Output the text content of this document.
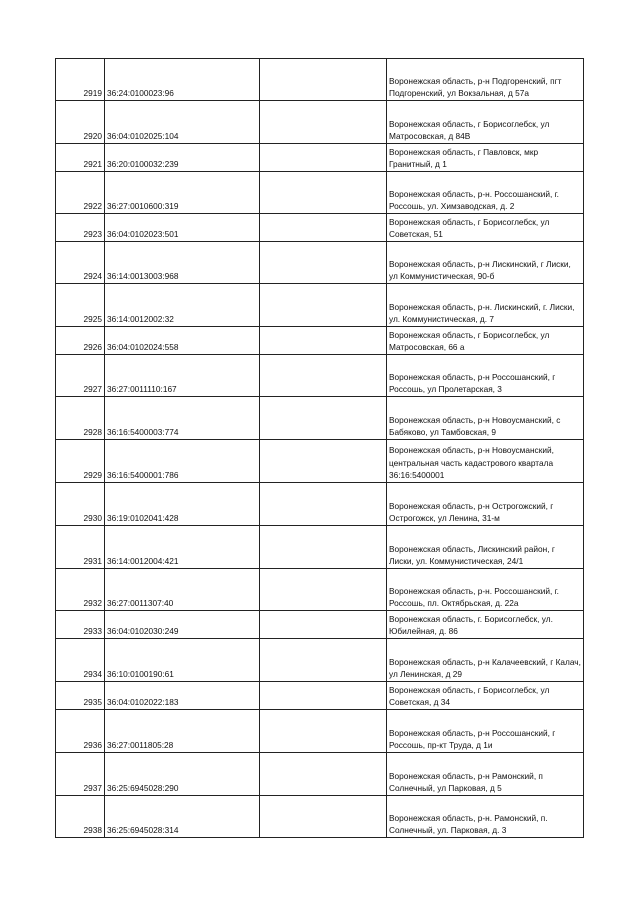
2919	36:24:0100023:96		Воронежская область, р-н Подгоренский, пгт Подгоренский, ул Вокзальная, д 57а
2920	36:04:0102025:104		Воронежская область, г Борисоглебск, ул Матросовская, д 84В
2921	36:20:0100032:239		Воронежская область, г Павловск, мкр Гранитный, д 1
2922	36:27:0010600:319		Воронежская область, р-н. Россошанский, г. Россошь, ул. Химзаводская, д. 2
2923	36:04:0102023:501		Воронежская область, г Борисоглебск, ул Советская, 51
2924	36:14:0013003:968		Воронежская область, р-н Лискинский, г Лиски, ул Коммунистическая, 90-б
2925	36:14:0012002:32		Воронежская область, р-н. Лискинский, г. Лиски, ул. Коммунистическая, д. 7
2926	36:04:0102024:558		Воронежская область, г Борисоглебск, ул Матросовская, 66 а
2927	36:27:0011110:167		Воронежская область, р-н Россошанский, г Россошь, ул Пролетарская, 3
2928	36:16:5400003:774		Воронежская область, р-н Новоусманский, с Бабяково, ул Тамбовская, 9
2929	36:16:5400001:786		Воронежская область, р-н Новоусманский, центральная часть кадастрового квартала 36:16:5400001
2930	36:19:0102041:428		Воронежская область, р-н Острогожский, г Острогожск, ул Ленина, 31-м
2931	36:14:0012004:421		Воронежская область, Лискинский район, г Лиски, ул. Коммунистическая, 24/1
2932	36:27:0011307:40		Воронежская область, р-н. Россошанский, г. Россошь, пл. Октябрьская, д. 22а
2933	36:04:0102030:249		Воронежская область, г. Борисоглебск, ул. Юбилейная, д. 86
2934	36:10:0100190:61		Воронежская область, р-н Калачеевский, г Калач, ул Ленинская, д 29
2935	36:04:0102022:183		Воронежская область, г Борисоглебск, ул Советская, д 34
2936	36:27:0011805:28		Воронежская область, р-н Россошанский, г Россошь, пр-кт Труда, д 1и
2937	36:25:6945028:290		Воронежская область, р-н Рамонский, п Солнечный, ул Парковая, д 5
2938	36:25:6945028:314		Воронежская область, р-н. Рамонский, п. Солнечный, ул. Парковая, д. 3
